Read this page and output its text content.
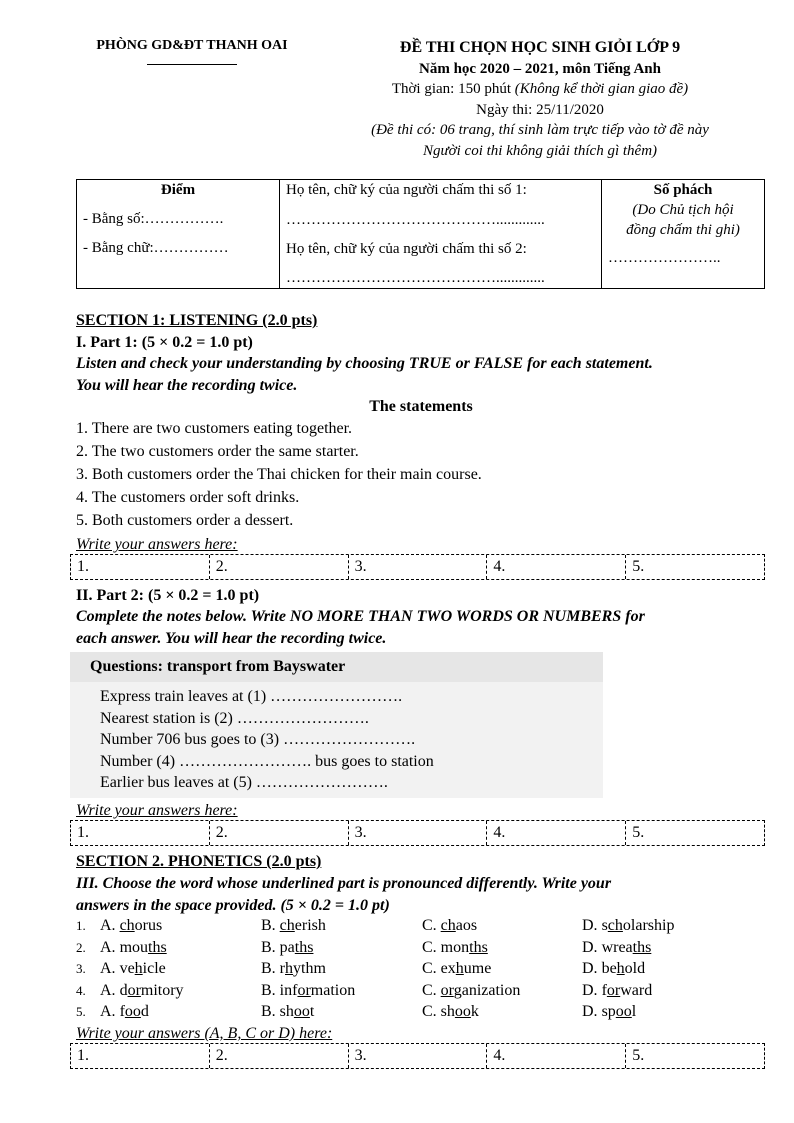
PHÒNG GD&ĐT THANH OAI	ĐỀ THI CHỌN HỌC SINH GIỎI LỚP 9
Năm học 2020 – 2021, môn Tiếng Anh
Thời gian: 150 phút (Không kể thời gian giao đề)
Ngày thi: 25/11/2020
(Đề thi có: 06 trang, thí sinh làm trực tiếp vào tờ đề này
Người coi thi không giải thích gì thêm)
Điểm
- Bằng số:…………….
- Bằng chữ:……………

Họ tên, chữ ký của người chấm thi số 1:
…………………………………….............
Họ tên, chữ ký của người chấm thi số 2:
…………………………………….............

Số phách
(Do Chủ tịch hội
đồng chấm thi ghi)
…………………..
SECTION 1: LISTENING (2.0 pts)
I. Part 1: (5 × 0.2 = 1.0 pt)
Listen and check your understanding by choosing TRUE or FALSE for each statement.
You will hear the recording twice.
The statements
1. There are two customers eating together.
2. The two customers order the same starter.
3. Both customers order the Thai chicken for their main course.
4. The customers order soft drinks.
5. Both customers order a dessert.
Write your answers here:
1.	2.	3.	4.	5.
II. Part 2: (5 × 0.2 = 1.0 pt)
Complete the notes below. Write NO MORE THAN TWO WORDS OR NUMBERS for
each answer. You will hear the recording twice.
Questions: transport from Bayswater
Express train leaves at (1) …………………….
Nearest station is (2) …………………….
Number 706 bus goes to (3) …………………….
Number (4) ……………………. bus goes to station
Earlier bus leaves at (5) …………………….
Write your answers here:
1.	2.	3.	4.	5.
SECTION 2. PHONETICS (2.0 pts)
III. Choose the word whose underlined part is pronounced differently. Write your
answers in the space provided. (5 × 0.2 = 1.0 pt)
1. A. chorus	B. cherish	C. chaos	D. scholarship
2. A. mouths	B. paths	C. months	D. wreaths
3. A. vehicle	B. rhythm	C. exhume	D. behold
4. A. dormitory	B. information	C. organization	D. forward
5. A. food	B. shoot	C. shook	D. spool
Write your answers (A, B, C or D) here:
1.	2.	3.	4.	5.
